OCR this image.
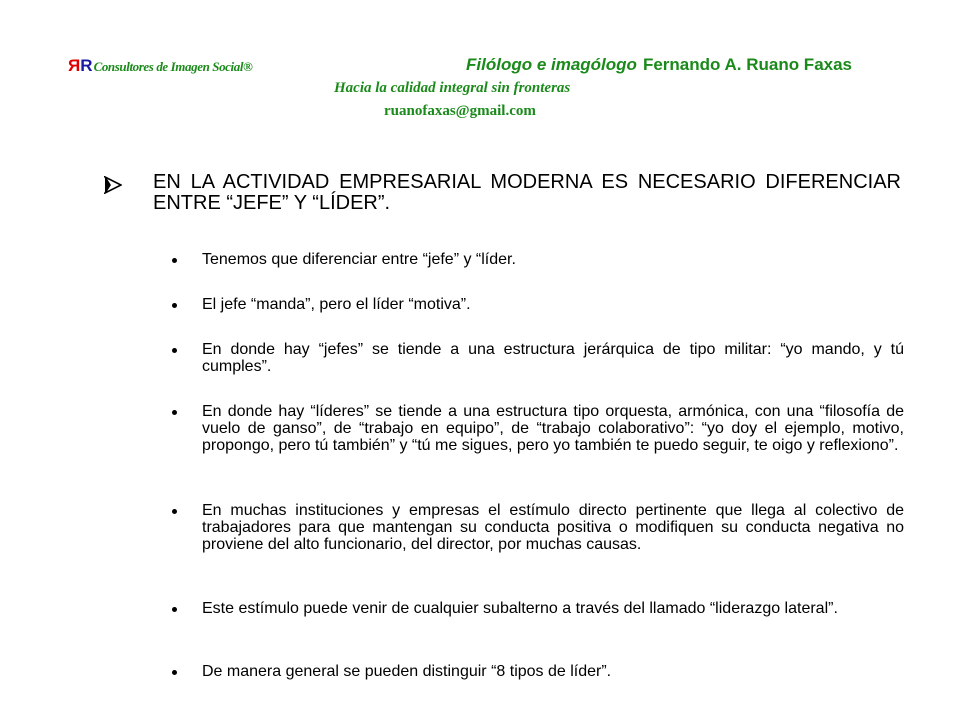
RRConsultores de Imagen Social®	Filólogo e imagólogo Fernando A. Ruano Faxas
Hacia la calidad integral sin fronteras
ruanofaxas@gmail.com
EN LA ACTIVIDAD EMPRESARIAL MODERNA ES NECESARIO DIFERENCIAR ENTRE “JEFE” Y “LÍDER”.
Tenemos que diferenciar entre “jefe” y “líder.
El jefe “manda”, pero el líder “motiva”.
En donde hay “jefes” se tiende a una estructura jerárquica de tipo militar: “yo mando, y tú cumples”.
En donde hay “líderes” se tiende a una estructura tipo orquesta, armónica, con una “filosofía de vuelo de ganso”, de “trabajo en equipo”, de “trabajo colaborativo”: “yo doy el ejemplo, motivo, propongo, pero tú también” y “tú me sigues, pero yo también te puedo seguir, te oigo y reflexiono”.
En muchas instituciones y empresas el estímulo directo pertinente que llega al colectivo de trabajadores para que mantengan su conducta positiva o modifiquen su conducta negativa no proviene del alto funcionario, del director, por muchas causas.
Este estímulo puede venir de cualquier subalterno a través del llamado “liderazgo lateral”.
De manera general se pueden distinguir “8 tipos de líder”.
